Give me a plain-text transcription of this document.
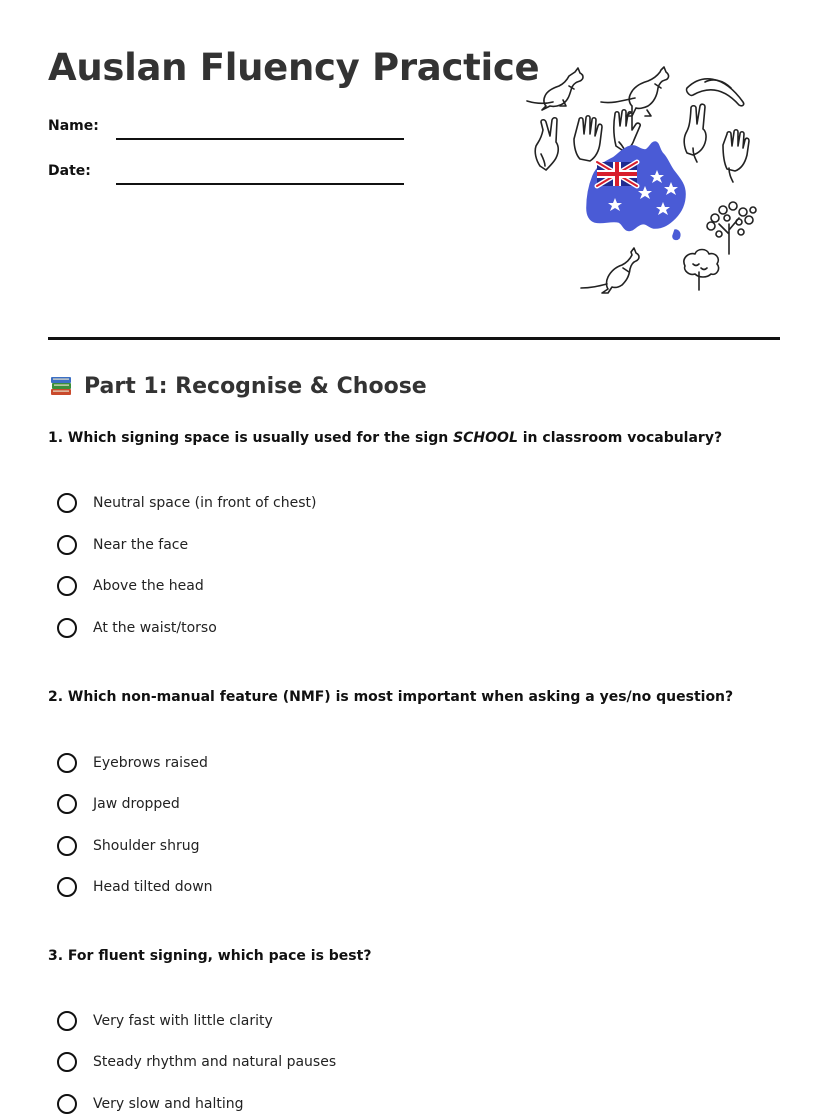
Auslan Fluency Practice
Name:
Date:
Part 1: Recognise & Choose

1. Which signing space is usually used for the sign SCHOOL in classroom vocabulary?

Neutral space (in front of chest)
Near the face
Above the head
At the waist/torso

2. Which non-manual feature (NMF) is most important when asking a yes/no question?

Eyebrows raised
Jaw dropped
Shoulder shrug
Head tilted down

3. For fluent signing, which pace is best?

Very fast with little clarity
Steady rhythm and natural pauses
Very slow and halting
